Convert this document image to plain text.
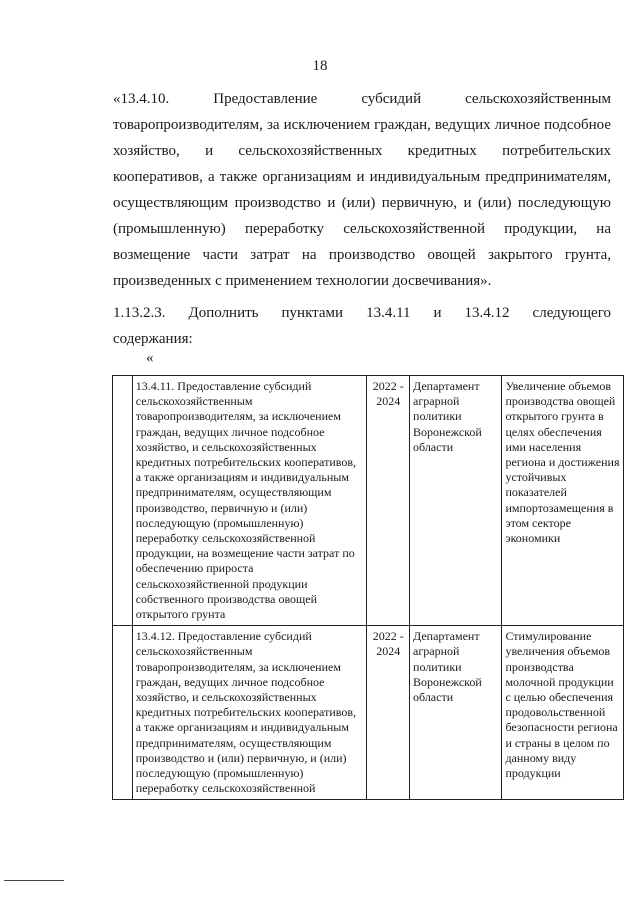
18
«13.4.10. Предоставление субсидий сельскохозяйственным
товаропроизводителям, за исключением граждан, ведущих личное подсобное
хозяйство, и сельскохозяйственных кредитных потребительских
кооперативов, а также организациям и индивидуальным предпринимателям,
осуществляющим производство и (или) первичную, и (или) последующую
(промышленную) переработку сельскохозяйственной продукции, на
возмещение части затрат на производство овощей закрытого грунта,
произведенных с применением технологии досвечивания».
1.13.2.3. Дополнить пунктами 13.4.11 и 13.4.12 следующего
содержания:
«

	13.4.11. Предоставление субсидий сельскохозяйственным товаропроизводителям, за исключением граждан, ведущих личное подсобное хозяйство, и сельскохозяйственных кредитных потребительских кооперативов, а также организациям и индивидуальным предпринимателям, осуществляющим производство, первичную и (или) последующую (промышленную) переработку сельскохозяйственной продукции, на возмещение части затрат по обеспечению прироста сельскохозяйственной продукции собственного производства овощей открытого грунта	2022 - 2024	Департамент аграрной политики Воронежской области	Увеличение объемов производства овощей открытого грунта в целях обеспечения ими населения региона и достижения устойчивых показателей импортозамещения в этом секторе экономики

	13.4.12. Предоставление субсидий сельскохозяйственным товаропроизводителям, за исключением граждан, ведущих личное подсобное хозяйство, и сельскохозяйственных кредитных потребительских кооперативов, а также организациям и индивидуальным предпринимателям, осуществляющим производство и (или) первичную, и (или) последующую (промышленную) переработку сельскохозяйственной	2022 - 2024	Департамент аграрной политики Воронежской области	Стимулирование увеличения объемов производства молочной продукции с целью обеспечения продовольственной безопасности региона и страны в целом по данному виду продукции
